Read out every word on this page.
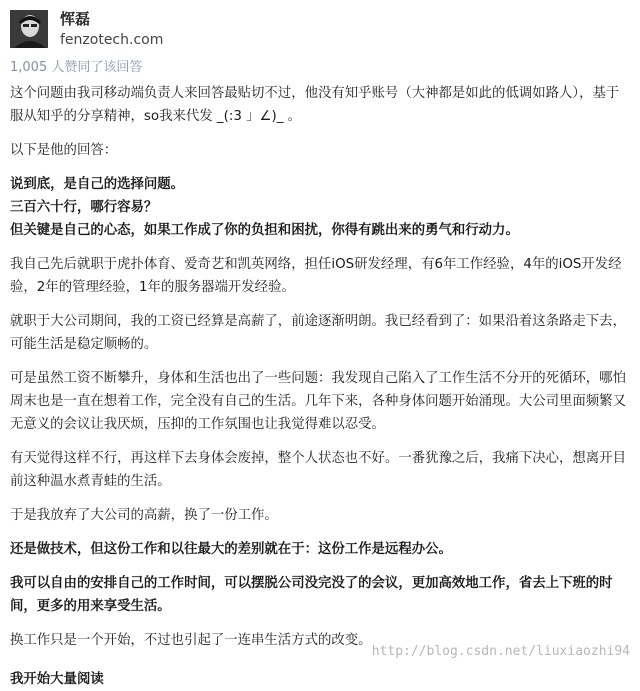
恽磊
fenzotech.com
1,005 人赞同了该回答

这个问题由我司移动端负责人来回答最贴切不过，他没有知乎账号（大神都是如此的低调如路人），基于服从知乎的分享精神，so我来代发 _(:3 」∠)_ 。

以下是他的回答：

说到底，是自己的选择问题。

三百六十行，哪行容易？

但关键是自己的心态，如果工作成了你的负担和困扰，你得有跳出来的勇气和行动力。

我自己先后就职于虎扑体育、爱奇艺和凯英网络，担任iOS研发经理，有6年工作经验，4年的iOS开发经验，2年的管理经验，1年的服务器端开发经验。

就职于大公司期间，我的工资已经算是高薪了，前途逐渐明朗。我已经看到了：如果沿着这条路走下去，可能生活是稳定顺畅的。

可是虽然工资不断攀升，身体和生活也出了一些问题：我发现自己陷入了工作生活不分开的死循环，哪怕周末也是一直在想着工作，完全没有自己的生活。几年下来，各种身体问题开始涌现。大公司里面频繁又无意义的会议让我厌烦，压抑的工作氛围也让我觉得难以忍受。

有天觉得这样不行，再这样下去身体会废掉，整个人状态也不好。一番犹豫之后，我痛下决心，想离开目前这种温水煮青蛙的生活。

于是我放弃了大公司的高薪，换了一份工作。

还是做技术，但这份工作和以往最大的差别就在于：这份工作是远程办公。

我可以自由的安排自己的工作时间，可以摆脱公司没完没了的会议，更加高效地工作，省去上下班的时间，更多的用来享受生活。

换工作只是一个开始，不过也引起了一连串生活方式的改变。

我开始大量阅读
http://blog.csdn.net/liuxiaozhi94
